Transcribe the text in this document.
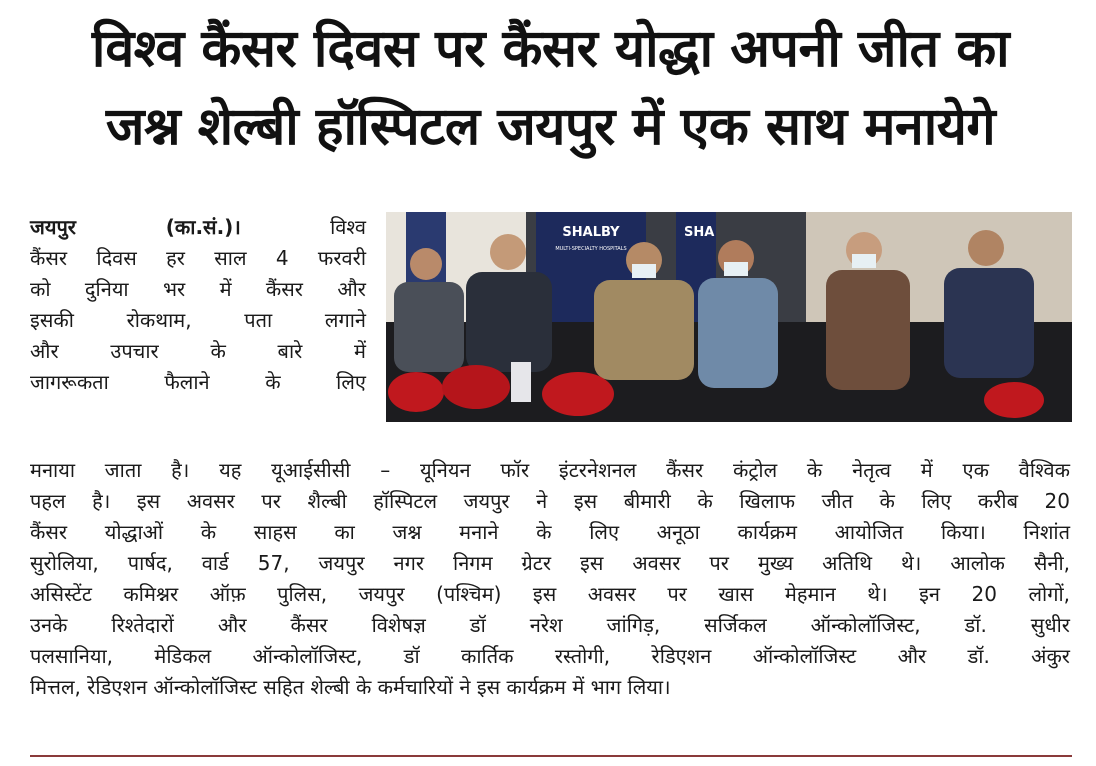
विश्व कैंसर दिवस पर कैंसर योद्धा अपनी जीत का
जश्न शेल्बी हॉस्पिटल जयपुर में एक साथ मनायेगे
जयपुर (का.सं.)।	विश्व
कैंसर दिवस हर साल 4 फरवरी
को दुनिया भर में कैंसर और
इसकी रोकथाम, पता लगाने
और उपचार के बारे में
जागरूकता फैलाने के लिए
SHALBY
MULTI-SPECIALTY HOSPITALS
SHA
मनाया जाता है। यह यूआईसीसी – यूनियन फॉर इंटरनेशनल कैंसर कंट्रोल के नेतृत्व में एक वैश्विक
पहल है। इस अवसर पर शैल्बी हॉस्पिटल जयपुर ने इस बीमारी के खिलाफ जीत के लिए करीब 20
कैंसर योद्धाओं के साहस का जश्न मनाने के लिए अनूठा कार्यक्रम आयोजित किया। निशांत
सुरोलिया, पार्षद, वार्ड 57, जयपुर नगर निगम ग्रेटर इस अवसर पर मुख्य अतिथि थे। आलोक सैनी,
असिस्टेंट कमिश्नर ऑफ़ पुलिस, जयपुर (पश्चिम) इस अवसर पर खास मेहमान थे। इन 20 लोगों,
उनके रिश्तेदारों और कैंसर विशेषज्ञ डॉ नरेश जांगिड़, सर्जिकल ऑन्कोलॉजिस्ट, डॉ. सुधीर
पलसानिया, मेडिकल ऑन्कोलॉजिस्ट, डॉ कार्तिक रस्तोगी, रेडिएशन ऑन्कोलॉजिस्ट और डॉ. अंकुर
मित्तल, रेडिएशन ऑन्कोलॉजिस्ट सहित शेल्बी के कर्मचारियों ने इस कार्यक्रम में भाग लिया।
